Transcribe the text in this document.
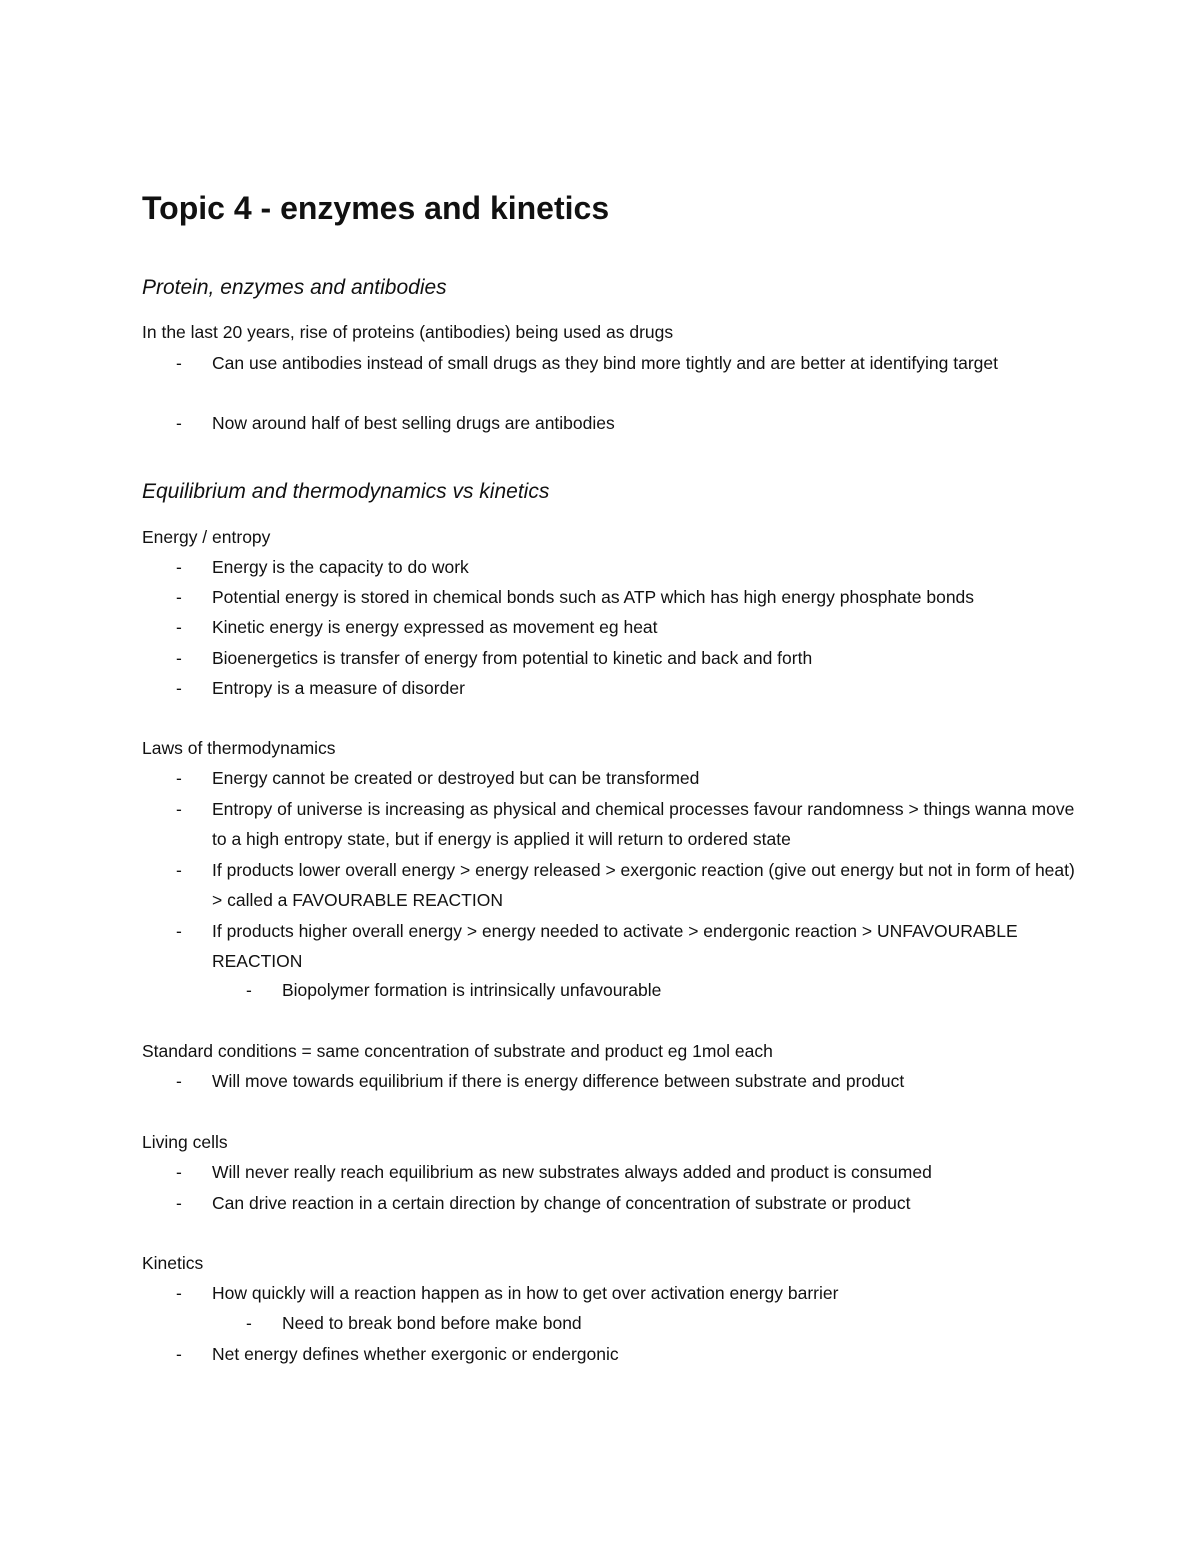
Topic 4 - enzymes and kinetics
Protein, enzymes and antibodies

In the last 20 years, rise of proteins (antibodies) being used as drugs

- Can use antibodies instead of small drugs as they bind more tightly and are better at identifying target
- Now around half of best selling drugs are antibodies
Equilibrium and thermodynamics vs kinetics

Energy / entropy

- Energy is the capacity to do work
- Potential energy is stored in chemical bonds such as ATP which has high energy phosphate bonds
- Kinetic energy is energy expressed as movement eg heat
- Bioenergetics is transfer of energy from potential to kinetic and back and forth
- Entropy is a measure of disorder

Laws of thermodynamics

- Energy cannot be created or destroyed but can be transformed
- Entropy of universe is increasing as physical and chemical processes favour randomness > things wanna move to a high entropy state, but if energy is applied it will return to ordered state
- If products lower overall energy > energy released > exergonic reaction (give out energy but not in form of heat) > called a FAVOURABLE REACTION
- If products higher overall energy > energy needed to activate > endergonic reaction > UNFAVOURABLE REACTION
- Biopolymer formation is intrinsically unfavourable

Standard conditions = same concentration of substrate and product eg 1mol each

- Will move towards equilibrium if there is energy difference between substrate and product

Living cells

- Will never really reach equilibrium as new substrates always added and product is consumed
- Can drive reaction in a certain direction by change of concentration of substrate or product

Kinetics

- How quickly will a reaction happen as in how to get over activation energy barrier
- Need to break bond before make bond
- Net energy defines whether exergonic or endergonic
